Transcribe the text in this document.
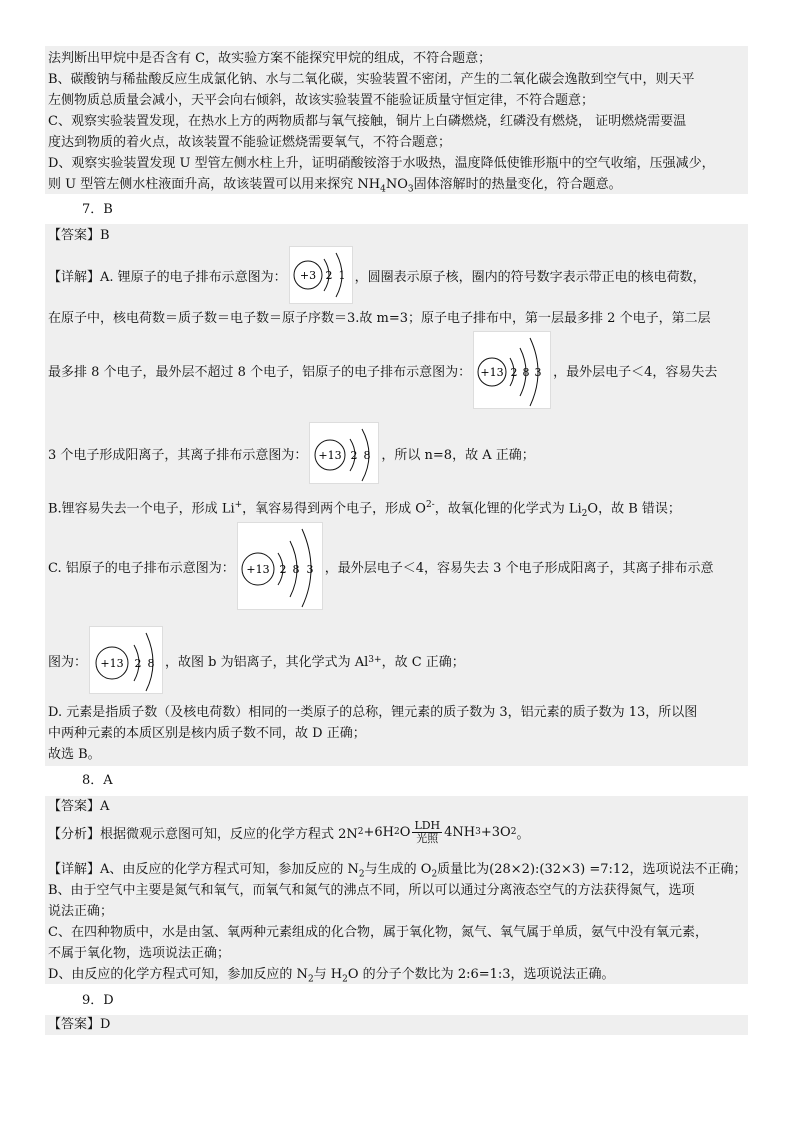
法判断出甲烷中是否含有 C，故实验方案不能探究甲烷的组成，不符合题意；
B、碳酸钠与稀盐酸反应生成氯化钠、水与二氧化碳，实验装置不密闭，产生的二氧化碳会逸散到空气中，则天平
左侧物质总质量会减小，天平会向右倾斜，故该实验装置不能验证质量守恒定律，不符合题意；
C、观察实验装置发现，在热水上方的两物质都与氧气接触，铜片上白磷燃烧，红磷没有燃烧， 证明燃烧需要温
度达到物质的着火点，故该装置不能验证燃烧需要氧气，不符合题意；
D、观察实验装置发现 U 型管左侧水柱上升，证明硝酸铵溶于水吸热，温度降低使锥形瓶中的空气收缩，压强减少，
则 U 型管左侧水柱液面升高，故该装置可以用来探究 $NH_4NO_3$固体溶解时的热量变化，符合题意。
7．B
【答案】B
【详解】A. 锂原子的电子排布示意图为： +3 2 1 ，圆圈表示原子核，圈内的符号数字表示带正电的核电荷数，
在原子中，核电荷数＝质子数＝电子数＝原子序数＝3.故 m=3；原子电子排布中，第一层最多排 2 个电子，第二层
最多排 8 个电子，最外层不超过 8 个电子，铝原子的电子排布示意图为： +13 2 8 3 ，最外层电子＜4，容易失去
3 个电子形成阳离子，其离子排布示意图为： +13 2 8 ，所以 n=8，故 A 正确；
B.锂容易失去一个电子，形成 Li+，氧容易得到两个电子，形成 $O^{2-}$，故氧化锂的化学式为 $Li_2O$，故 B 错误；
C. 铝原子的电子排布示意图为： +13 2 8 3 ，最外层电子＜4，容易失去 3 个电子形成阳离子，其离子排布示意
图为： +13 2 8 ，故图 b 为铝离子，其化学式为 Al 3+ ，故 C 正确；
D. 元素是指质子数（及核电荷数）相同的一类原子的总称，锂元素的质子数为 3，铝元素的质子数为 13，所以图
中两种元素的本质区别是核内质子数不同，故 D 正确；
故选 B。
8．A
【答案】A
【分析】根据微观示意图可知，反应的化学方程式 2N 2 +6H 2 O $\frac{\text{LDH}}{\text{光照}} 4NH$ 3 +3O 2 。
【详解】A、由反应的化学方程式可知，参加反应的 $N_2$与生成的 $O_2$质量比为(28×2):(32×3) =7:12，选项说法不正确；
B、由于空气中主要是氮气和氧气，而氧气和氮气的沸点不同，所以可以通过分离液态空气的方法获得氮气，选项
说法正确；
C、在四种物质中，水是由氢、氧两种元素组成的化合物，属于氧化物，氮气、氧气属于单质，氨气中没有氧元素，
不属于氧化物，选项说法正确；
D、由反应的化学方程式可知，参加反应的 $N_2$与 $H_2O$ 的分子个数比为 2:6=1:3，选项说法正确。
9．D
【答案】D
